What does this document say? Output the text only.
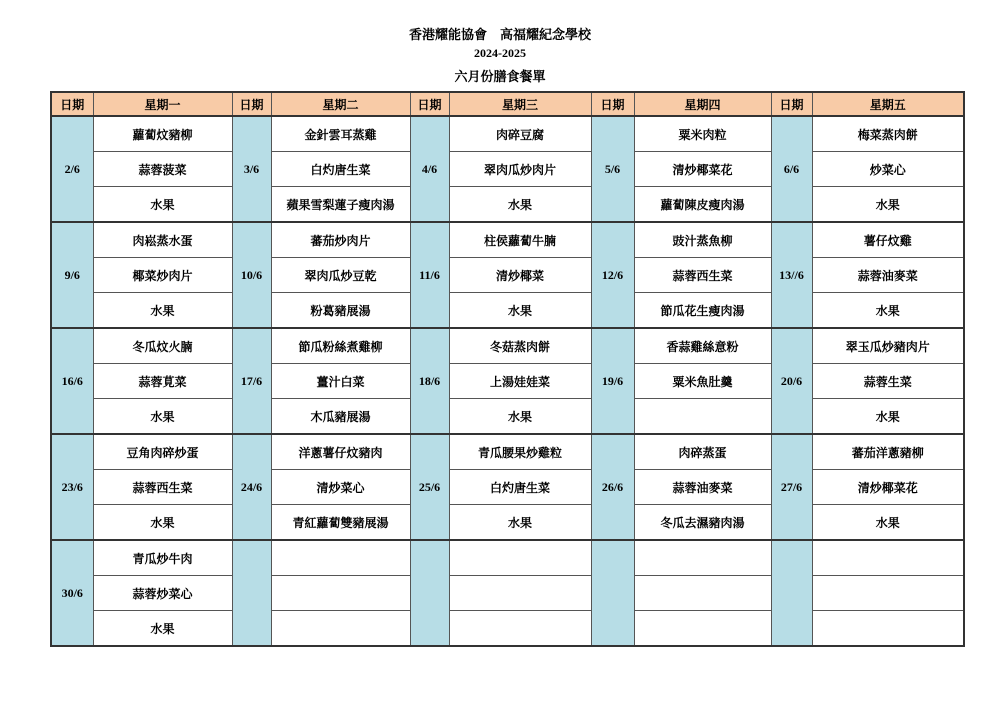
香港耀能協會　高福耀紀念學校
2024-2025
六月份膳食餐單
日期	星期一	日期	星期二	日期	星期三	日期	星期四	日期	星期五
2/6	蘿蔔炆豬柳	3/6	金針雲耳蒸雞	4/6	肉碎豆腐	5/6	粟米肉粒	6/6	梅菜蒸肉餅
	蒜蓉菠菜		白灼唐生菜		翠肉瓜炒肉片		清炒椰菜花		炒菜心
	水果		蘋果雪梨蓮子瘦肉湯		水果		蘿蔔陳皮瘦肉湯		水果
9/6	肉崧蒸水蛋	10/6	蕃茄炒肉片	11/6	柱侯蘿蔔牛腩	12/6	豉汁蒸魚柳	13//6	薯仔炆雞
	椰菜炒肉片		翠肉瓜炒豆乾		清炒椰菜		蒜蓉西生菜		蒜蓉油麥菜
	水果		粉葛豬展湯		水果		節瓜花生瘦肉湯		水果
16/6	冬瓜炆火腩	17/6	節瓜粉絲煮雞柳	18/6	冬菇蒸肉餅	19/6	香蒜雞絲意粉	20/6	翠玉瓜炒豬肉片
	蒜蓉莧菜		薑汁白菜		上湯娃娃菜		粟米魚肚羹		蒜蓉生菜
	水果		木瓜豬展湯		水果				水果
23/6	豆角肉碎炒蛋	24/6	洋蔥薯仔炆豬肉	25/6	青瓜腰果炒雞粒	26/6	肉碎蒸蛋	27/6	蕃茄洋蔥豬柳
	蒜蓉西生菜		清炒菜心		白灼唐生菜		蒜蓉油麥菜		清炒椰菜花
	水果		青紅蘿蔔雙豬展湯		水果		冬瓜去濕豬肉湯		水果
30/6	青瓜炒牛肉								
	蒜蓉炒菜心								
	水果								
